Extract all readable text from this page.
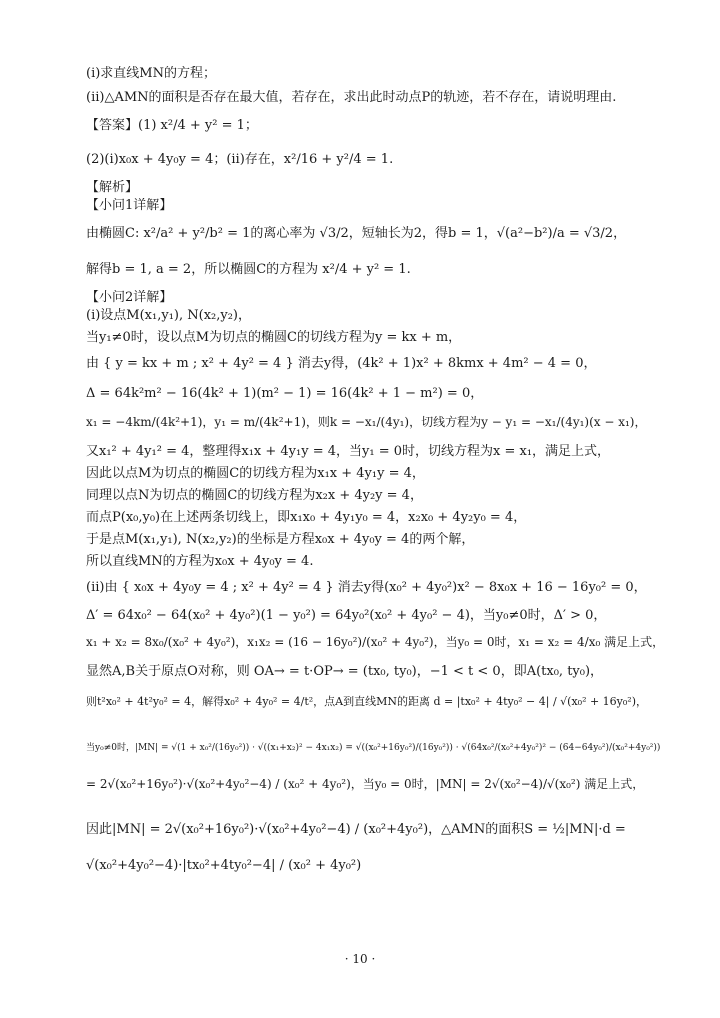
(ⅰ)求直线MN的方程；
(ⅱ)△AMN的面积是否存在最大值，若存在，求出此时动点P的轨迹，若不存在，请说明理由.
【答案】(1) x²/4 + y² = 1；
(2)(ⅰ)x₀x + 4y₀y = 4；(ⅱ)存在，x²/16 + y²/4 = 1.
【解析】
【小问1详解】
由椭圆C: x²/a² + y²/b² = 1的离心率为 √3/2，短轴长为2，得b = 1，√(a²−b²)/a = √3/2，
解得b = 1, a = 2，所以椭圆C的方程为 x²/4 + y² = 1.
【小问2详解】
(ⅰ)设点M(x₁,y₁), N(x₂,y₂)，
当y₁≠0时，设以点M为切点的椭圆C的切线方程为y = kx + m，
由 { y = kx + m ; x² + 4y² = 4 } 消去y得，(4k² + 1)x² + 8kmx + 4m² − 4 = 0，
Δ = 64k²m² − 16(4k² + 1)(m² − 1) = 16(4k² + 1 − m²) = 0，
x₁ = −4km/(4k²+1)，y₁ = m/(4k²+1)，则k = −x₁/(4y₁)，切线方程为y − y₁ = −x₁/(4y₁)(x − x₁)，
又x₁² + 4y₁² = 4，整理得x₁x + 4y₁y = 4，当y₁ = 0时，切线方程为x = x₁，满足上式，
因此以点M为切点的椭圆C的切线方程为x₁x + 4y₁y = 4，
同理以点N为切点的椭圆C的切线方程为x₂x + 4y₂y = 4，
而点P(x₀,y₀)在上述两条切线上，即x₁x₀ + 4y₁y₀ = 4，x₂x₀ + 4y₂y₀ = 4，
于是点M(x₁,y₁), N(x₂,y₂)的坐标是方程x₀x + 4y₀y = 4的两个解，
所以直线MN的方程为x₀x + 4y₀y = 4.
(ⅱ)由 { x₀x + 4y₀y = 4 ; x² + 4y² = 4 } 消去y得(x₀² + 4y₀²)x² − 8x₀x + 16 − 16y₀² = 0，
Δ′ = 64x₀² − 64(x₀² + 4y₀²)(1 − y₀²) = 64y₀²(x₀² + 4y₀² − 4)，当y₀≠0时，Δ′ > 0，
x₁ + x₂ = 8x₀/(x₀² + 4y₀²)，x₁x₂ = (16 − 16y₀²)/(x₀² + 4y₀²)，当y₀ = 0时，x₁ = x₂ = 4/x₀ 满足上式，
显然A,B关于原点O对称，则 OA→ = t·OP→ = (tx₀, ty₀)，−1 < t < 0，即A(tx₀, ty₀)，
则t²x₀² + 4t²y₀² = 4，解得x₀² + 4y₀² = 4/t²，点A到直线MN的距离 d = |tx₀² + 4ty₀² − 4| / √(x₀² + 16y₀²)，
当y₀≠0时，|MN| = √(1 + x₀²/(16y₀²)) · √((x₁+x₂)² − 4x₁x₂) = √((x₀²+16y₀²)/(16y₀²)) · √(64x₀²/(x₀²+4y₀²)² − (64−64y₀²)/(x₀²+4y₀²))
= 2√(x₀²+16y₀²)·√(x₀²+4y₀²−4) / (x₀² + 4y₀²)，当y₀ = 0时，|MN| = 2√(x₀²−4)/√(x₀²) 满足上式，
因此|MN| = 2√(x₀²+16y₀²)·√(x₀²+4y₀²−4) / (x₀²+4y₀²)，△AMN的面积S = ½|MN|·d =
√(x₀²+4y₀²−4)·|tx₀²+4ty₀²−4| / (x₀² + 4y₀²)
· 10 ·
